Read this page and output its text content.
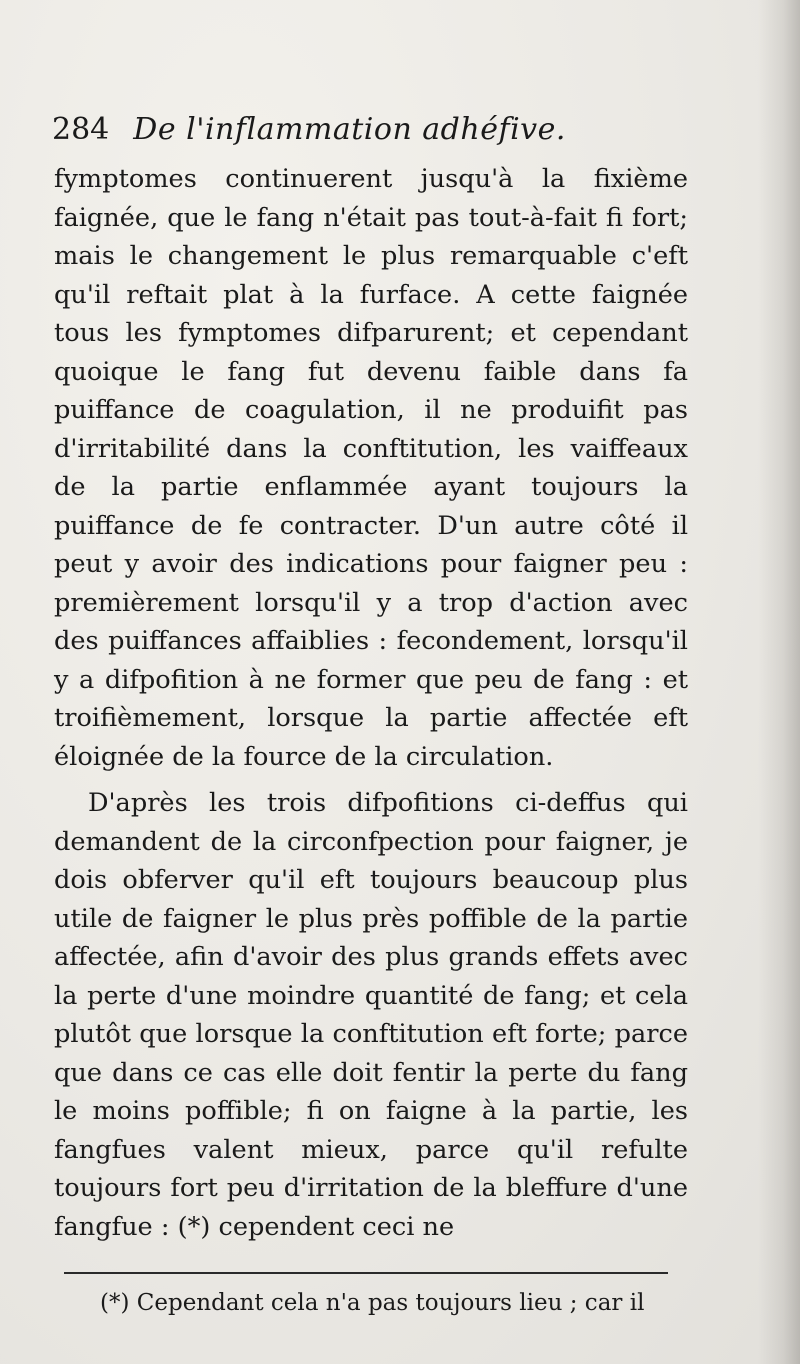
284 De l'inflammation adhéfive.

fymptomes continuerent jusqu'à la fixième faignée, que le fang n'était pas tout-à-fait fi fort; mais le changement le plus remarquable c'eft qu'il reftait plat à la furface. A cette faignée tous les fymptomes difparurent; et cependant quoique le fang fut devenu faible dans fa puiffance de coagulation, il ne produifit pas d'irritabilité dans la conftitution, les vaiffeaux de la partie enflammée ayant toujours la puiffance de fe contracter. D'un autre côté il peut y avoir des indications pour faigner peu : premièrement lorsqu'il y a trop d'action avec des puiffances affaiblies : fecondement, lorsqu'il y a difpofition à ne former que peu de fang : et troifièmement, lorsque la partie affectée eft éloignée de la fource de la circulation.

D'après les trois difpofitions ci-deffus qui demandent de la circonfpection pour faigner, je dois obferver qu'il eft toujours beaucoup plus utile de faigner le plus près poffible de la partie affectée, afin d'avoir des plus grands effets avec la perte d'une moindre quantité de fang; et cela plutôt que lorsque la conftitution eft forte; parce que dans ce cas elle doit fentir la perte du fang le moins poffible; fi on faigne à la partie, les fangfues valent mieux, parce qu'il refulte toujours fort peu d'irritation de la bleffure d'une fangfue : (*) cependent ceci ne

(*) Cependant cela n'a pas toujours lieu ; car il
